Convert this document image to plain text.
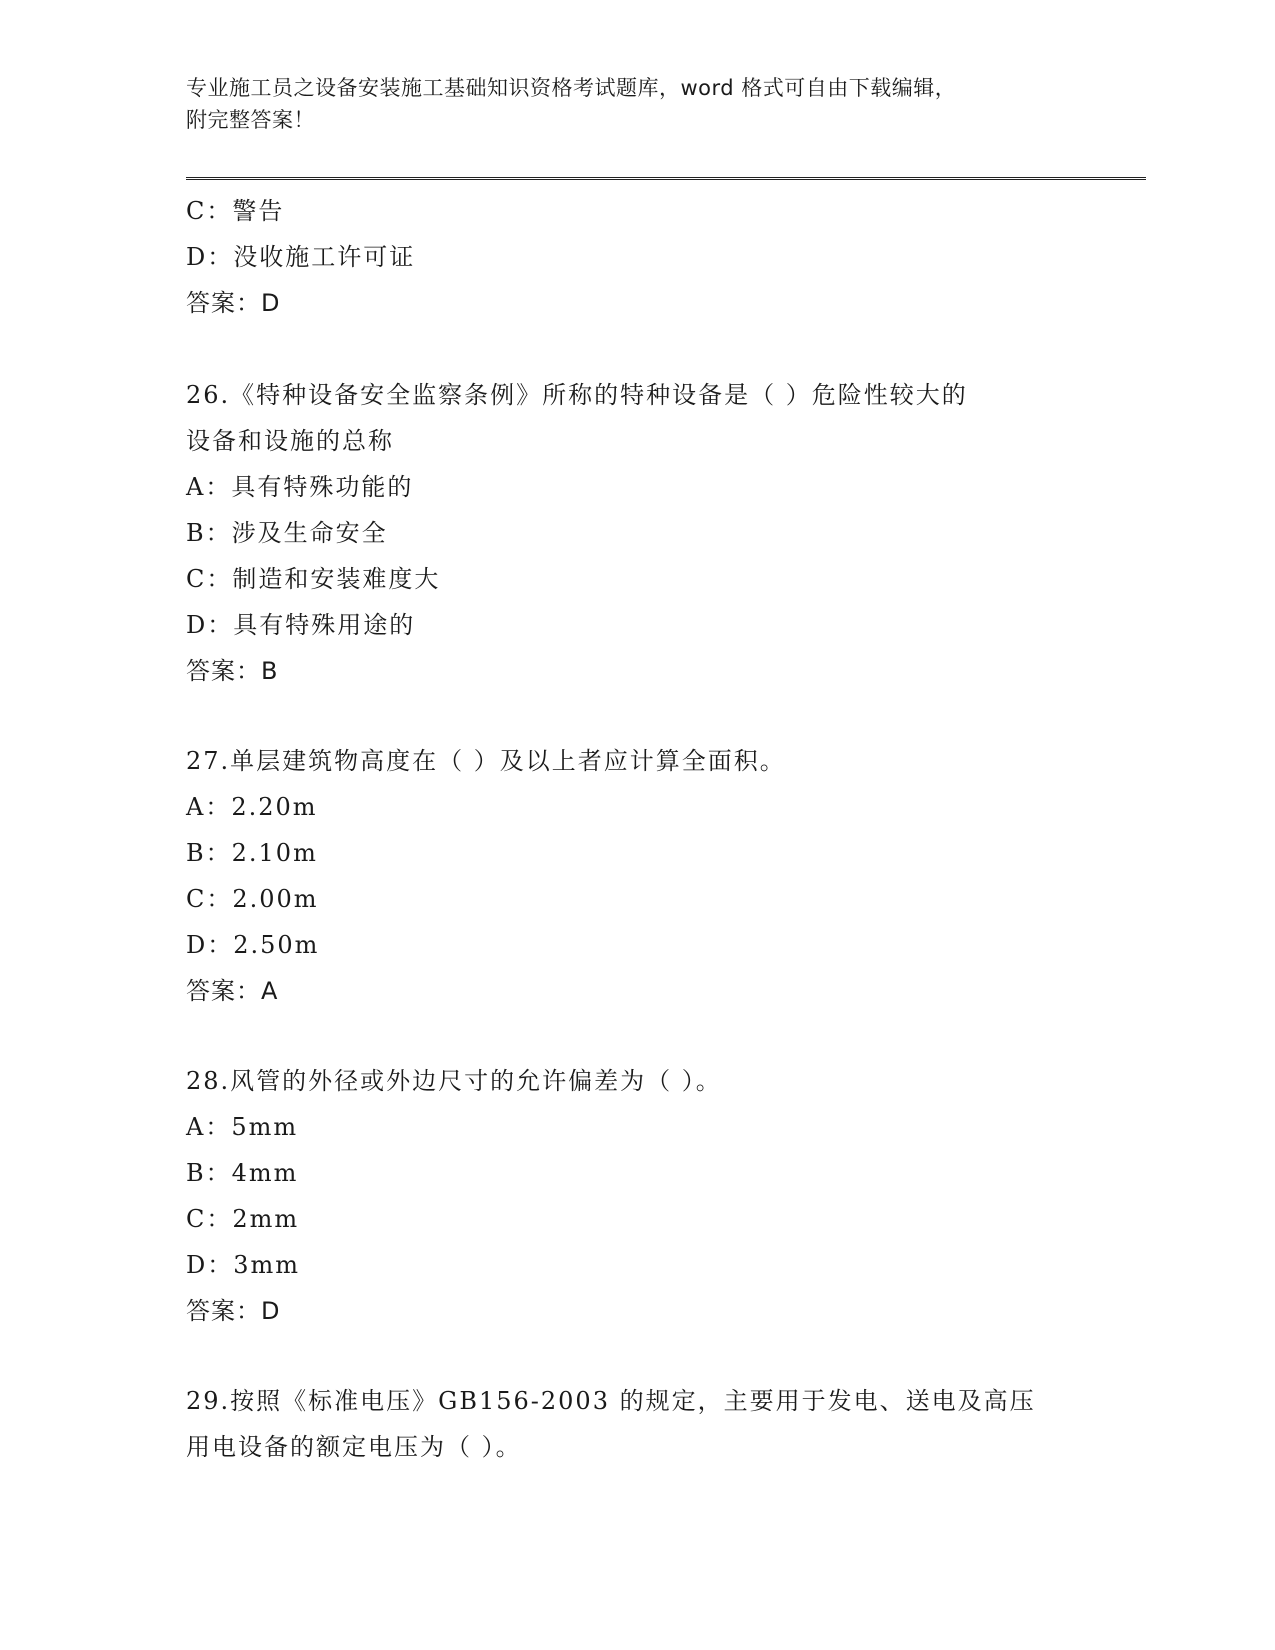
专业施工员之设备安装施工基础知识资格考试题库，word 格式可自由下载编辑，
附完整答案！
C：警告
D：没收施工许可证
答案：D
26.《特种设备安全监察条例》所称的特种设备是（ ）危险性较大的
设备和设施的总称
A：具有特殊功能的
B：涉及生命安全
C：制造和安装难度大
D：具有特殊用途的
答案：B
27.单层建筑物高度在（ ）及以上者应计算全面积。
A：2.20m
B：2.10m
C：2.00m
D：2.50m
答案：A
28.风管的外径或外边尺寸的允许偏差为（ ）。
A：5mm
B：4mm
C：2mm
D：3mm
答案：D
29.按照《标准电压》GB156-2003 的规定，主要用于发电、送电及高压
用电设备的额定电压为（ ）。
